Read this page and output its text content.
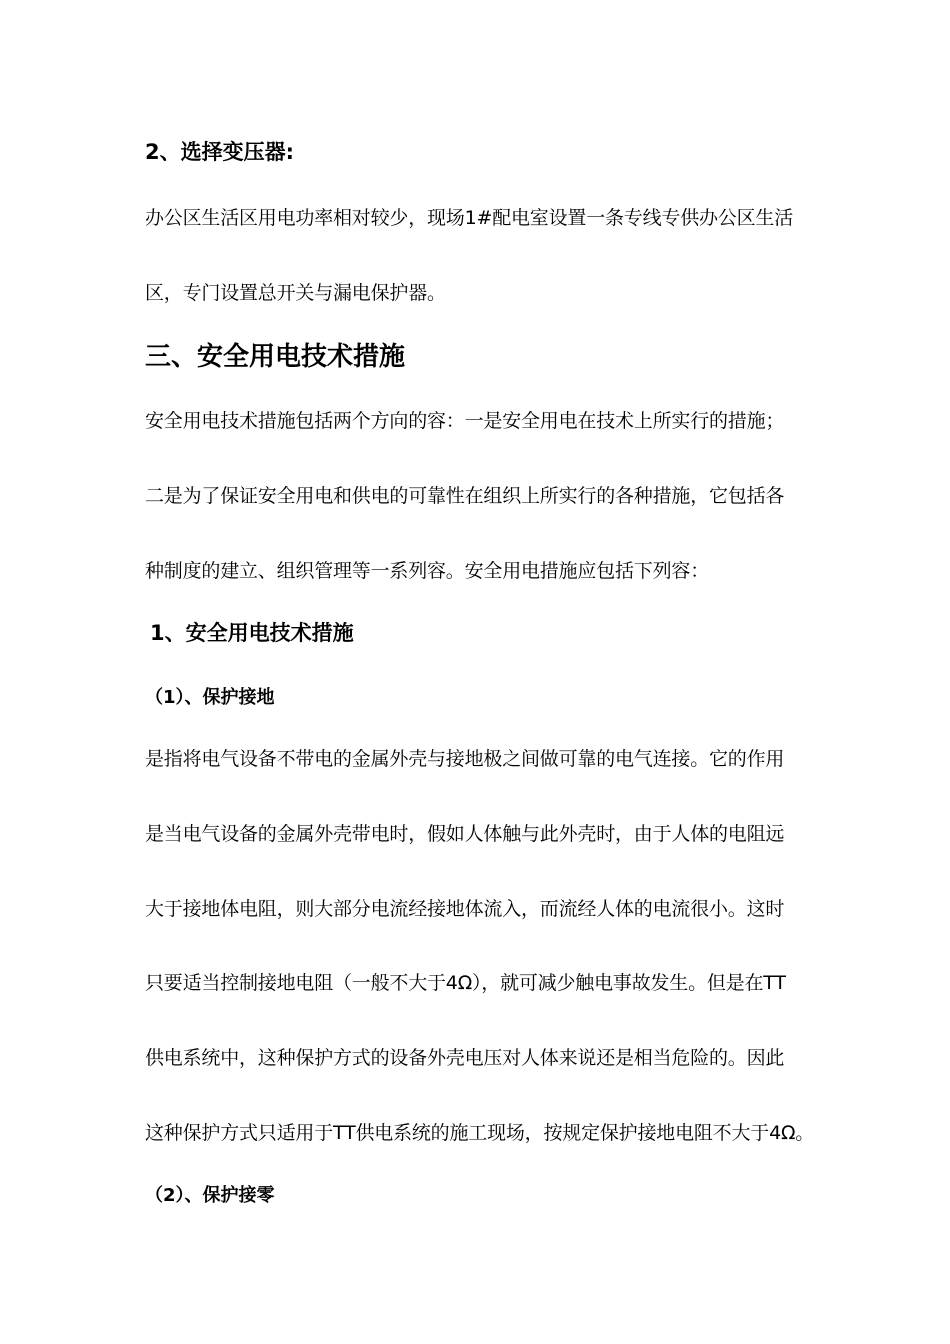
2、选择变压器:
办公区生活区用电功率相对较少，现场1#配电室设置一条专线专供办公区生活
区，专门设置总开关与漏电保护器。
三、安全用电技术措施
安全用电技术措施包括两个方向的容：一是安全用电在技术上所实行的措施；
二是为了保证安全用电和供电的可靠性在组织上所实行的各种措施，它包括各
种制度的建立、组织管理等一系列容。安全用电措施应包括下列容：
1、安全用电技术措施
（1）、保护接地
是指将电气设备不带电的金属外壳与接地极之间做可靠的电气连接。它的作用
是当电气设备的金属外壳带电时，假如人体触与此外壳时，由于人体的电阻远
大于接地体电阻，则大部分电流经接地体流入，而流经人体的电流很小。这时
只要适当控制接地电阻（一般不大于4Ω），就可减少触电事故发生。但是在TT
供电系统中，这种保护方式的设备外壳电压对人体来说还是相当危险的。因此
这种保护方式只适用于TT供电系统的施工现场，按规定保护接地电阻不大于4Ω。
（2）、保护接零
